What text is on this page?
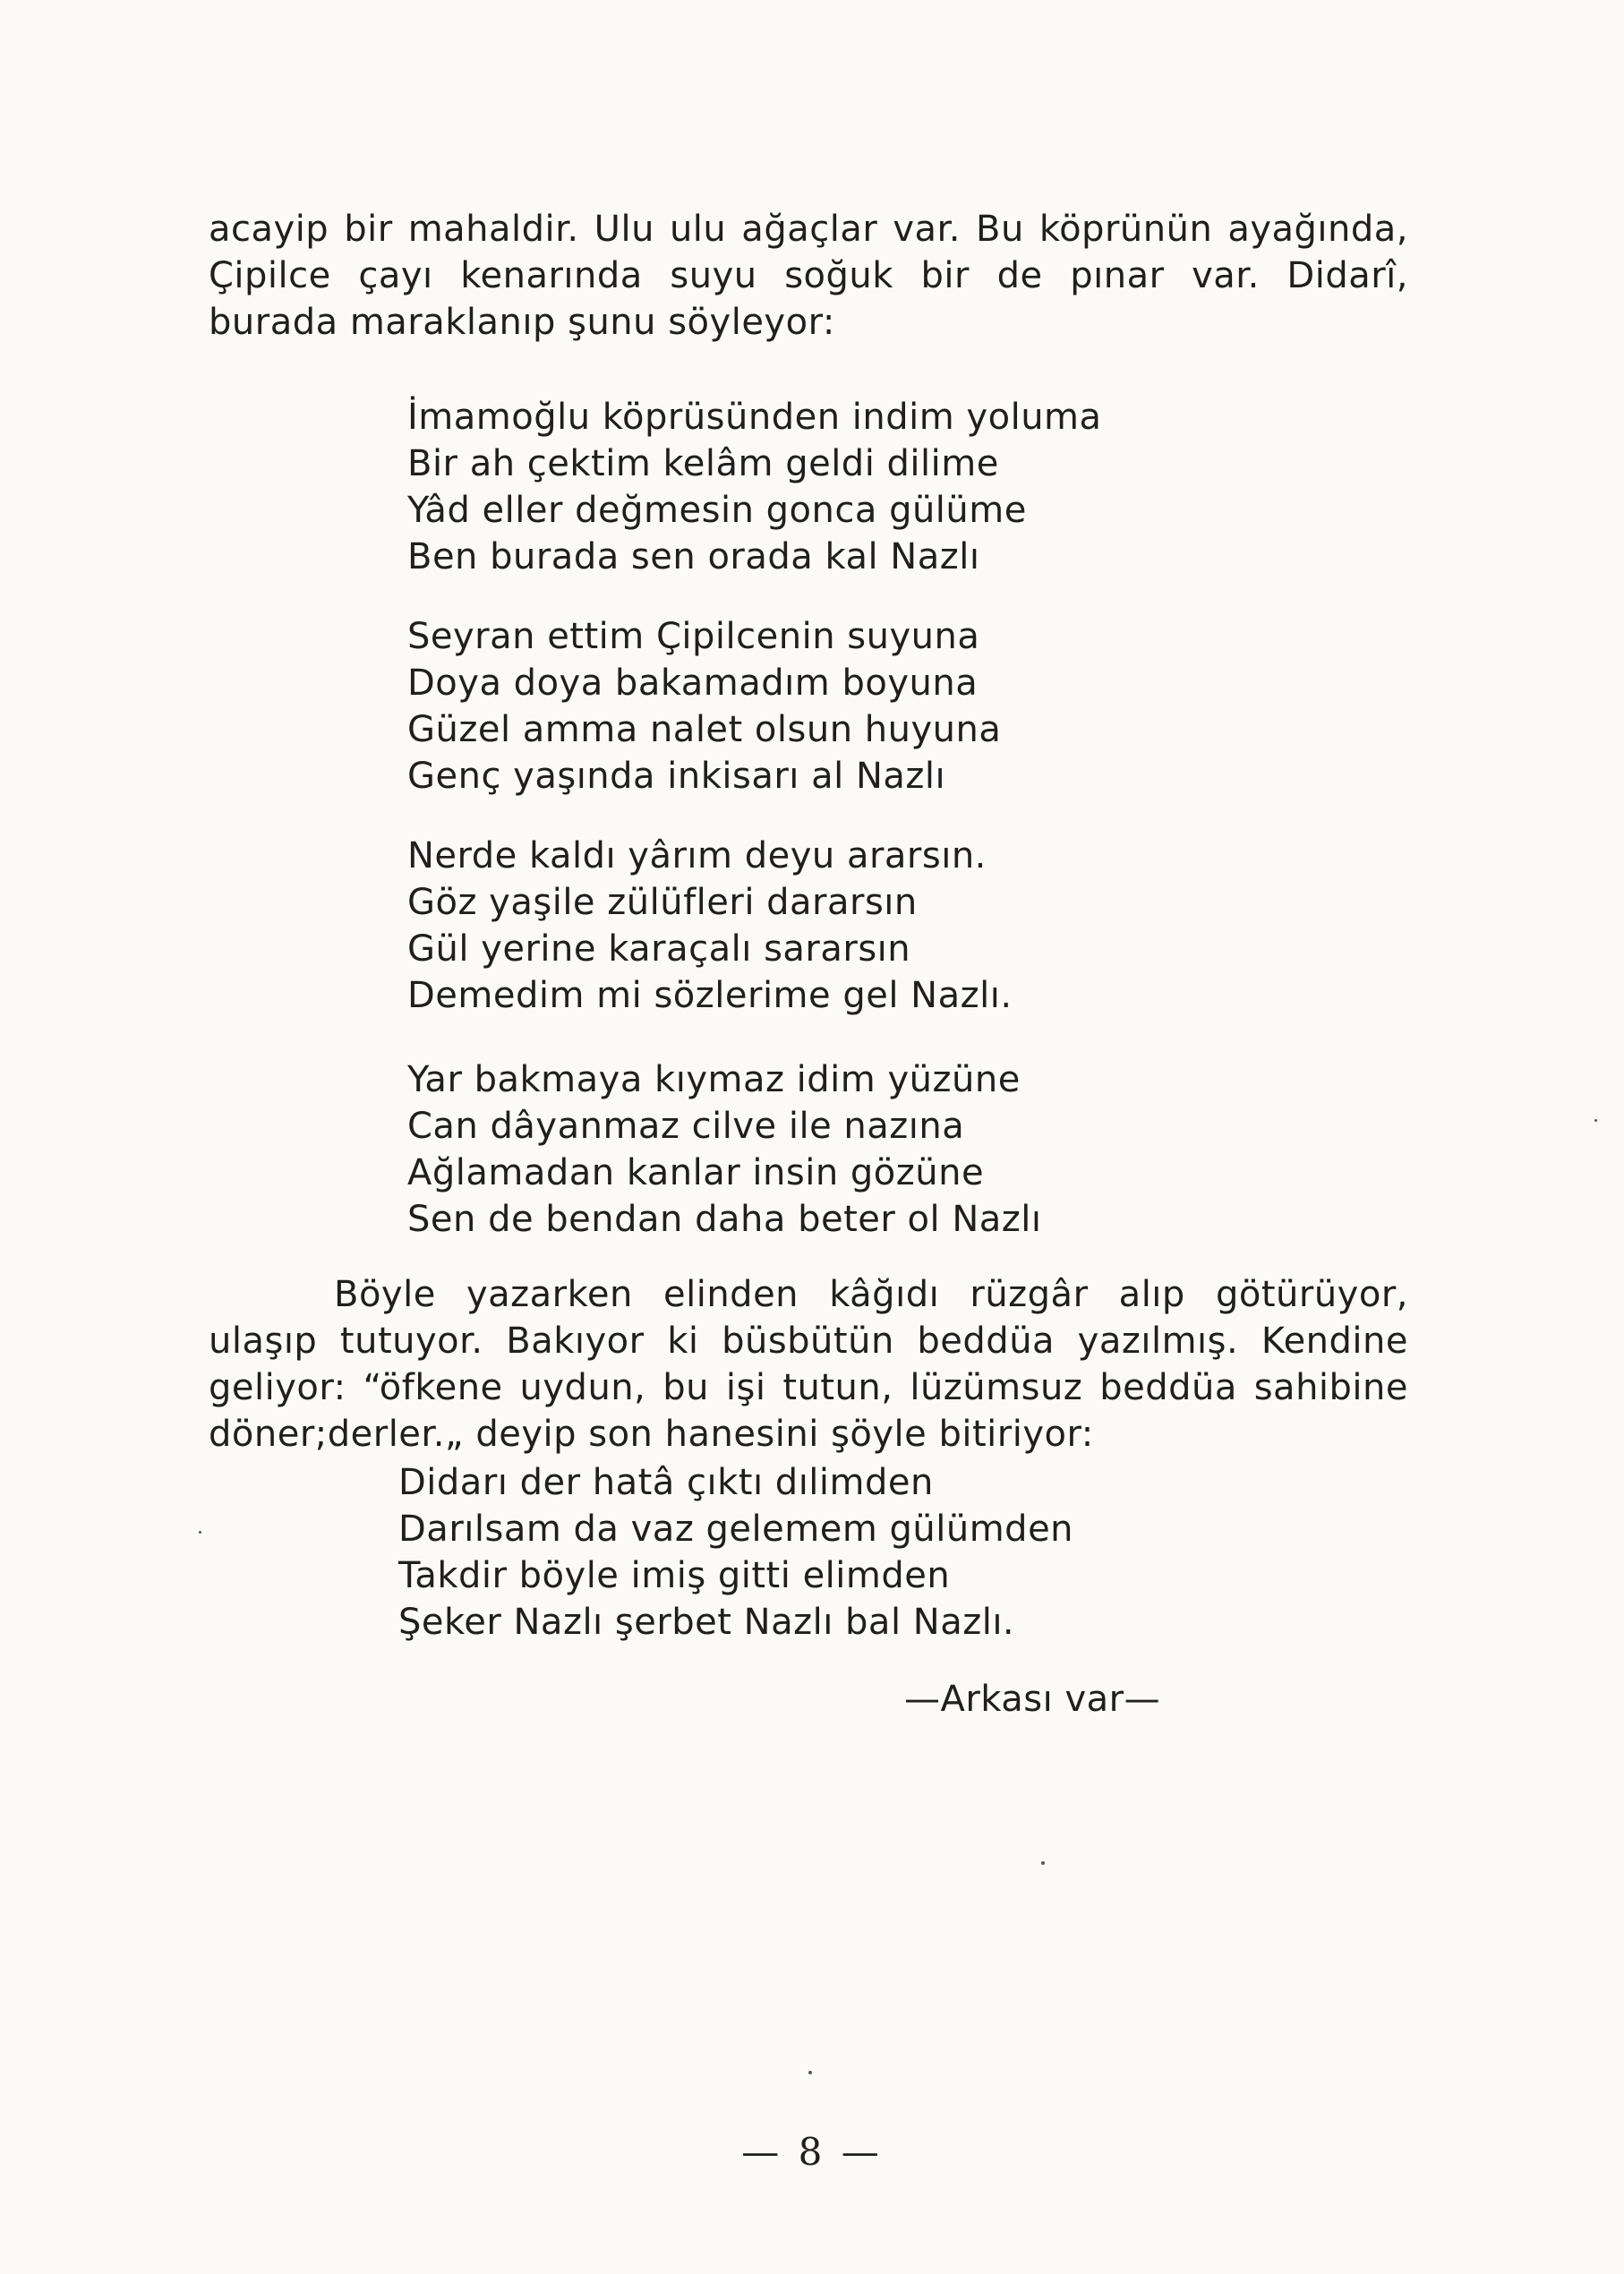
acayip bir mahaldir. Ulu ulu ağaçlar var. Bu köprünün ayağında, Çipilce çayı kenarında suyu soğuk bir de pınar var. Didarî, burada maraklanıp şunu söyleyor:

İmamoğlu köprüsünden indim yoluma
Bir ah çektim kelâm geldi dilime
Yâd eller değmesin gonca gülüme
Ben burada sen orada kal Nazlı
Seyran ettim Çipilcenin suyuna
Doya doya bakamadım boyuna
Güzel amma nalet olsun huyuna
Genç yaşında inkisarı al Nazlı
Nerde kaldı yârım deyu ararsın.
Göz yaşile zülüfleri dararsın
Gül yerine karaçalı sararsın
Demedim mi sözlerime gel Nazlı.
Yar bakmaya kıymaz idim yüzüne
Can dâyanmaz cilve ile nazına
Ağlamadan kanlar insin gözüne
Sen de bendan daha beter ol Nazlı

Böyle yazarken elinden kâğıdı rüzgâr alıp götürüyor, ulaşıp tutuyor. Bakıyor ki büsbütün beddüa yazılmış. Kendine geliyor: “öfkene uydun, bu işi tutun, lüzümsuz beddüa sahibine döner;derler.„ deyip son hanesini şöyle bitiriyor:

Didarı der hatâ çıktı dılimden
Darılsam da vaz gelemem gülümden
Takdir böyle imiş gitti elimden
Şeker Nazlı şerbet Nazlı bal Nazlı.
—Arkası var—
— 8 —
